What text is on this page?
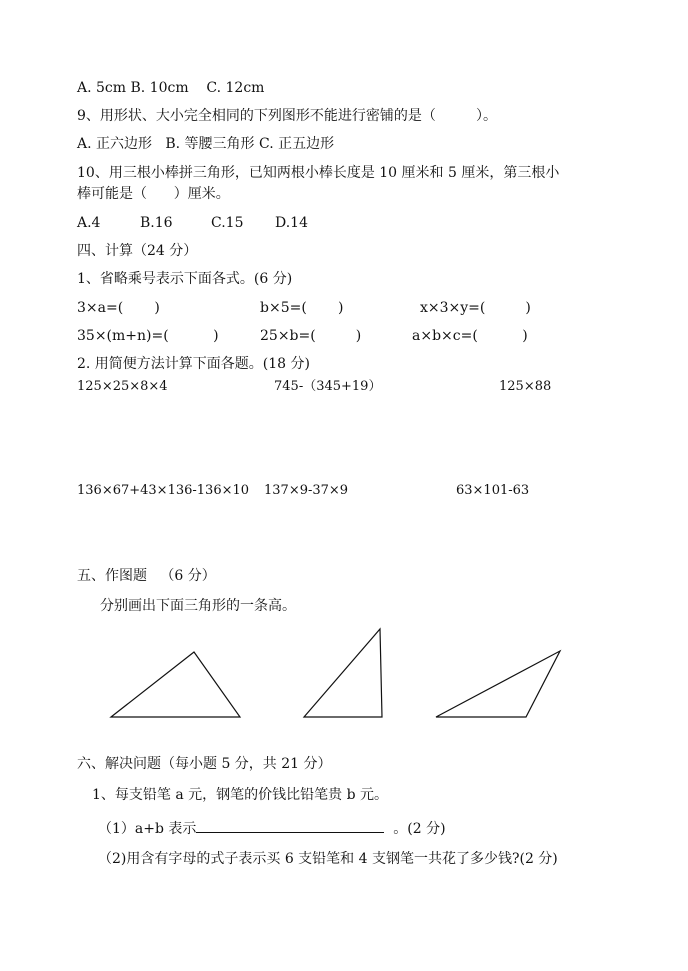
A. 5cm B. 10cm    C. 12cm
9、用形状、大小完全相同的下列图形不能进行密铺的是（         ）。
A. 正六边形   B. 等腰三角形 C. 正五边形
10、用三根小棒拼三角形，已知两根小棒长度是 10 厘米和 5 厘米，第三根小
棒可能是（      ）厘米。
A.4	B.16	C.15 D.14
四、计算（24 分）
1、省略乘号表示下面各式。(6 分)
3×a=(       )	b×5=(       )	x×3×y=(         )
35×(m+n)=(          )	25×b=(         )	a×b×c=(          )
2. 用简便方法计算下面各题。(18 分)
125×25×8×4	745-（345+19）	125×88
136×67+43×136-136×10 137×9-37×9	63×101-63
五、作图题   （6 分）
分别画出下面三角形的一条高。
六、解决问题（每小题 5 分，共 21 分）
1、每支铅笔 a 元，钢笔的价钱比铅笔贵 b 元。
（1）a+b 表示	。(2 分)
（2)用含有字母的式子表示买 6 支铅笔和 4 支钢笔一共花了多少钱?(2 分)
